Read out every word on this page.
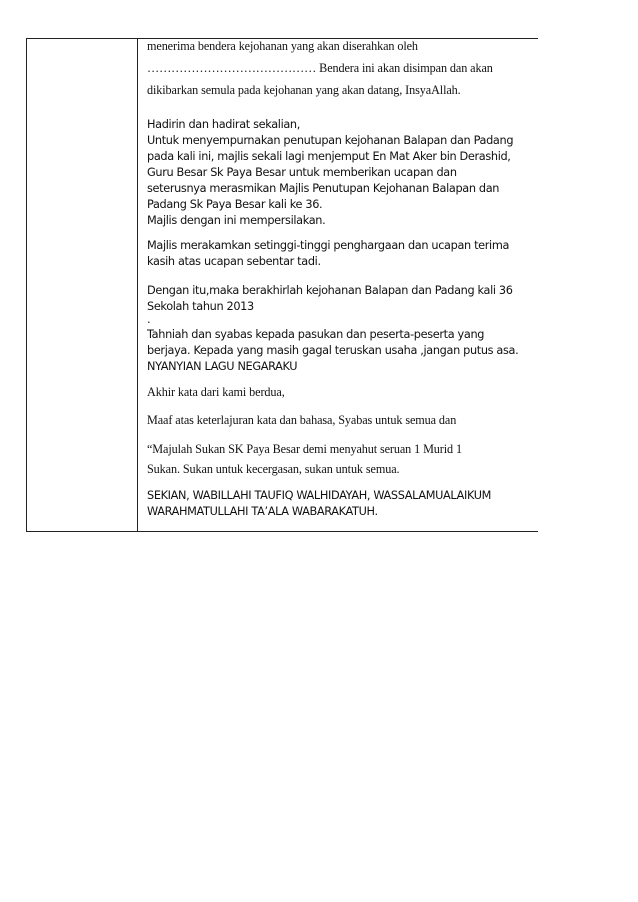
menerima bendera kejohanan yang akan diserahkan oleh
…………………………………… Bendera ini akan disimpan dan akan
dikibarkan semula pada kejohanan yang akan datang, InsyaAllah.
Hadirin dan hadirat sekalian,
Untuk menyempurnakan penutupan kejohanan Balapan dan Padang
pada kali ini, majlis sekali lagi menjemput En Mat Aker bin Derashid,
Guru Besar Sk Paya Besar untuk memberikan ucapan dan
seterusnya merasmikan Majlis Penutupan Kejohanan Balapan dan
Padang Sk Paya Besar kali ke 36.
Majlis dengan ini mempersilakan.
Majlis merakamkan setinggi-tinggi penghargaan dan ucapan terima
kasih atas ucapan sebentar tadi.
Dengan itu,maka berakhirlah kejohanan Balapan dan Padang kali 36
Sekolah tahun 2013
.
Tahniah dan syabas kepada pasukan dan peserta-peserta yang
berjaya. Kepada yang masih gagal teruskan usaha ,jangan putus asa.
NYANYIAN LAGU NEGARAKU
Akhir kata dari kami berdua,
Maaf atas keterlajuran kata dan bahasa, Syabas untuk semua dan
“Majulah Sukan SK Paya Besar demi menyahut seruan 1 Murid 1
Sukan. Sukan untuk kecergasan, sukan untuk semua.
SEKIAN, WABILLAHI TAUFIQ WALHIDAYAH, WASSALAMUALAIKUM
WARAHMATULLAHI TA’ALA WABARAKATUH.
